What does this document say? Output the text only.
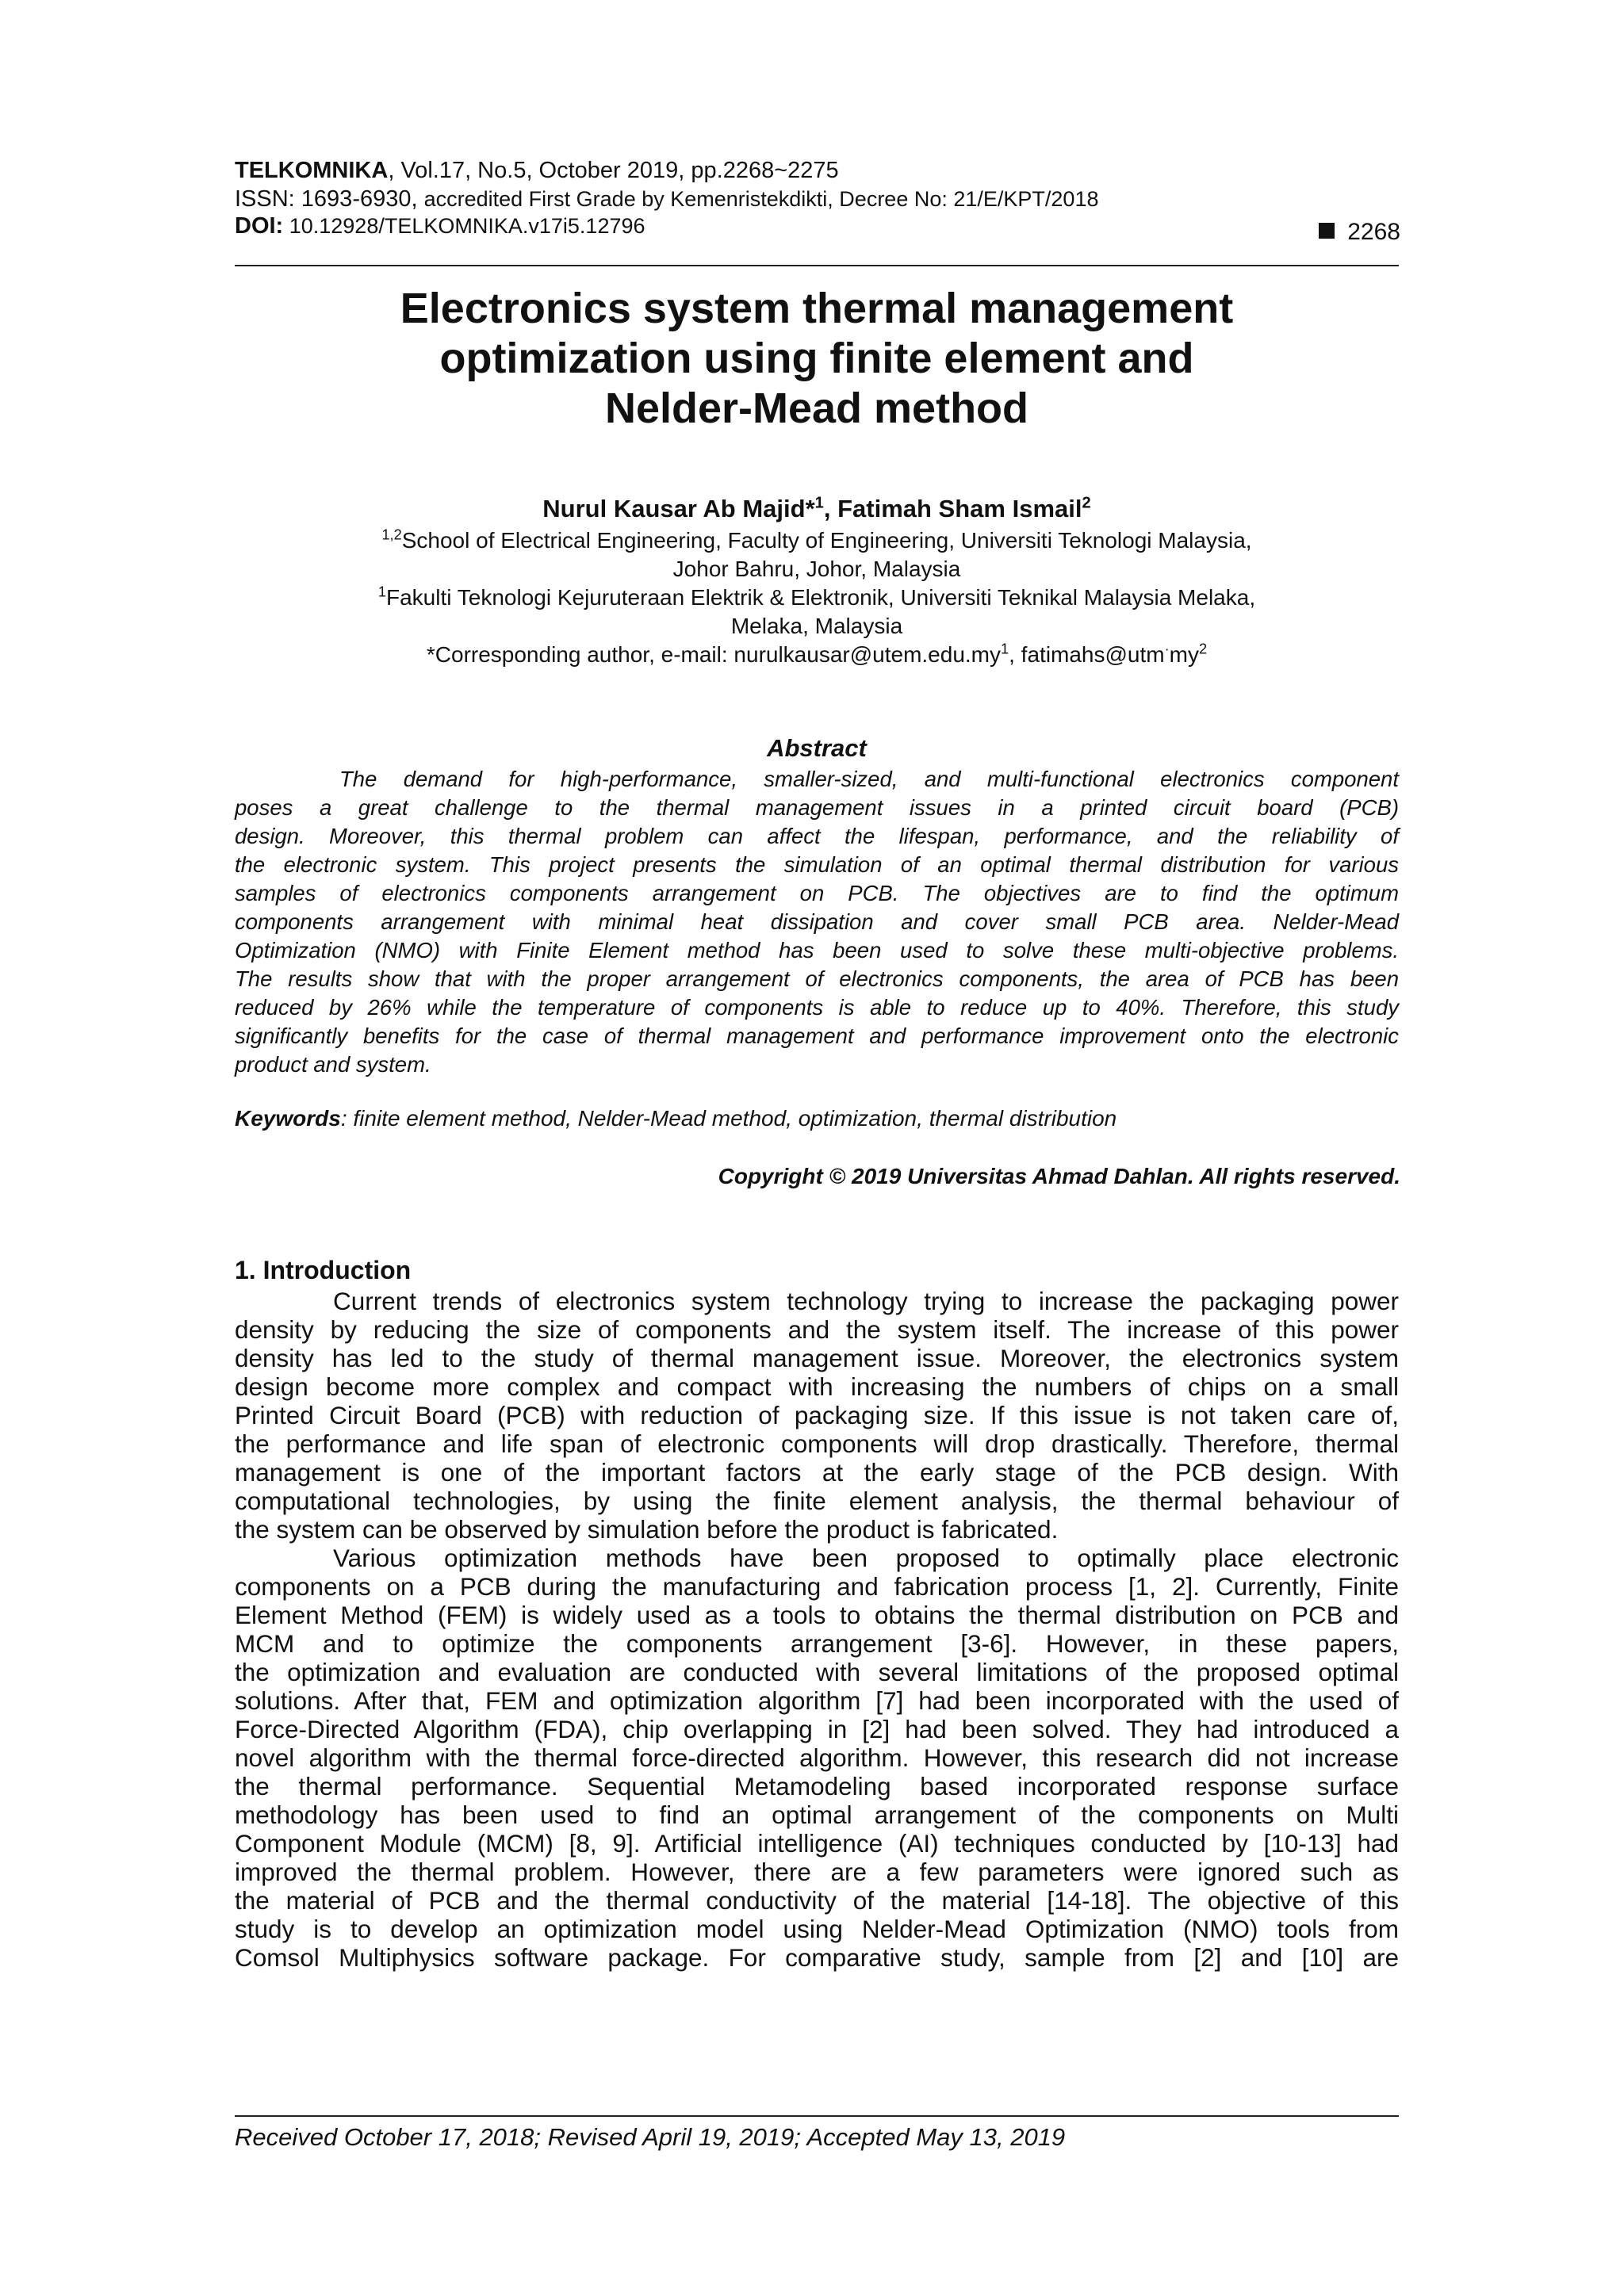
TELKOMNIKA, Vol.17, No.5, October 2019, pp.2268~2275
ISSN: 1693-6930, accredited First Grade by Kemenristekdikti, Decree No: 21/E/KPT/2018
DOI: 10.12928/TELKOMNIKA.v17i5.12796	2268
Electronics system thermal management
optimization using finite element and
Nelder-Mead method
Nurul Kausar Ab Majid*$^1$, Fatimah Sham Ismail$^2$
$^{1,2}$School of Electrical Engineering, Faculty of Engineering, Universiti Teknologi Malaysia,
Johor Bahru, Johor, Malaysia
$^1$Fakulti Teknologi Kejuruteraan Elektrik & Elektronik, Universiti Teknikal Malaysia Melaka,
Melaka, Malaysia
*Corresponding author, e-mail: $nurulkausar@utem.edu.my^1$, $fatimahs@utm^\cdot my^2$
Abstract
The demand for high-performance, smaller-sized, and multi-functional electronics component
poses a great challenge to the thermal management issues in a printed circuit board (PCB)
design. Moreover, this thermal problem can affect the lifespan, performance, and the reliability of
the electronic system. This project presents the simulation of an optimal thermal distribution for various
samples of electronics components arrangement on PCB. The objectives are to find the optimum
components arrangement with minimal heat dissipation and cover small PCB area. Nelder-Mead
Optimization (NMO) with Finite Element method has been used to solve these multi-objective problems.
The results show that with the proper arrangement of electronics components, the area of PCB has been
reduced by 26% while the temperature of components is able to reduce up to 40%. Therefore, this study
significantly benefits for the case of thermal management and performance improvement onto the electronic
product and system.
Keywords: finite element method, Nelder-Mead method, optimization, thermal distribution
Copyright © 2019 Universitas Ahmad Dahlan. All rights reserved.
1. Introduction
Current trends of electronics system technology trying to increase the packaging power
density by reducing the size of components and the system itself. The increase of this power
density has led to the study of thermal management issue. Moreover, the electronics system
design become more complex and compact with increasing the numbers of chips on a small
Printed Circuit Board (PCB) with reduction of packaging size. If this issue is not taken care of,
the performance and life span of electronic components will drop drastically. Therefore, thermal
management is one of the important factors at the early stage of the PCB design. With
computational technologies, by using the finite element analysis, the thermal behaviour of
the system can be observed by simulation before the product is fabricated.
Various optimization methods have been proposed to optimally place electronic
components on a PCB during the manufacturing and fabrication process [1, 2]. Currently, Finite
Element Method (FEM) is widely used as a tools to obtains the thermal distribution on PCB and
MCM and to optimize the components arrangement [3-6]. However, in these papers,
the optimization and evaluation are conducted with several limitations of the proposed optimal
solutions. After that, FEM and optimization algorithm [7] had been incorporated with the used of
Force-Directed Algorithm (FDA), chip overlapping in [2] had been solved. They had introduced a
novel algorithm with the thermal force-directed algorithm. However, this research did not increase
the thermal performance. Sequential Metamodeling based incorporated response surface
methodology has been used to find an optimal arrangement of the components on Multi
Component Module (MCM) [8, 9]. Artificial intelligence (AI) techniques conducted by [10-13] had
improved the thermal problem. However, there are a few parameters were ignored such as
the material of PCB and the thermal conductivity of the material [14-18]. The objective of this
study is to develop an optimization model using Nelder-Mead Optimization (NMO) tools from
Comsol Multiphysics software package. For comparative study, sample from [2] and [10] are
Received October 17, 2018; Revised April 19, 2019; Accepted May 13, 2019
